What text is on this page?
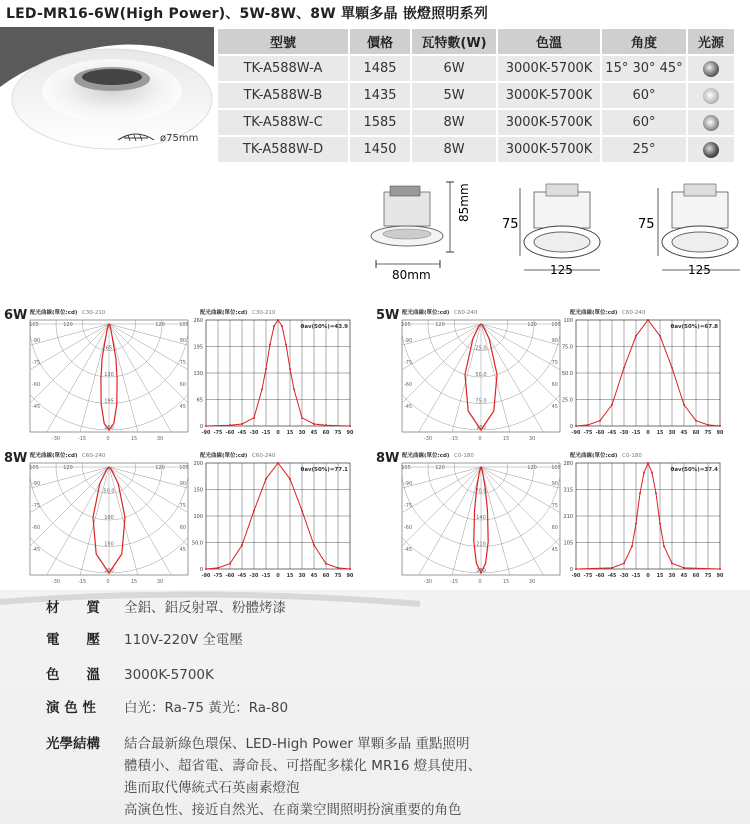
LED-MR16-6W(High Power)、5W-8W、8W 單顆多晶 嵌燈照明系列
ø75mm
型號	價格	瓦特數(W)	色溫	角度	光源
TK-A588W-A	1485	6W	3000K-5700K	15° 30° 45°	
TK-A588W-B	1435	5W	3000K-5700K	60°	
TK-A588W-C	1585	8W	3000K-5700K	60°	
TK-A588W-D	1450	8W	3000K-5700K	25°	
85mm
80mm
75
125
75
125
6W	5W
8W	8W
配光曲線(單位:cd) C30-210
65
130
195
260
105	120	120	105
-90
-75
-60
-45
90
75
60
45
-30	-15	0	15	30
配光曲線(單位:cd) C30-210
θav(50%)=43.9
260
195
130
65
0
-90 -75 -60 -45 -30 -15 0 15 30 45 60 75 90
配光曲線(單位:cd) C60-240
25.0
50.0
75.0
100
105	120	120	105
-90
-75
-60
-45
90
75
60
45
-30	-15	0	15	30
配光曲線(單位:cd) C60-240
θav(50%)=67.8
100
75.0
50.0
25.0
0
-90 -75 -60 -45 -30 -15 0 15 30 45 60 75 90
配光曲線(單位:cd) C60-240
50.0
100
150
200
105	120	120	105
-90
-75
-60
-45
90
75
60
45
-30	-15	0	15	30
配光曲線(單位:cd) C60-240
θav(50%)=77.1
200
150
100
50.0
0
-90 -75 -60 -45 -30 -15 0 15 30 45 60 75 90
配光曲線(單位:cd) C0-180
70.0
140
210
280
105	120	120	105
-90
-75
-60
-45
90
75
60
45
-30	-15	0	15	30
配光曲線(單位:cd) C0-180
θav(50%)=37.4
280
315
210
105
0
-90 -75 -60 -45 -30 -15 0 15 30 45 60 75 90
材　　質	全鋁、鋁反射罩、粉體烤漆
電　　壓	110V-220V 全電壓
色　　溫	3000K-5700K
演 色 性	白光：Ra-75 黃光：Ra-80
光學結構	結合最新綠色環保、LED-High Power 單顆多晶 重點照明
體積小、超省電、壽命長、可搭配多樣化 MR16 燈具使用、
進而取代傳統式石英鹵素燈泡
高演色性、接近自然光、在商業空間照明扮演重要的角色
